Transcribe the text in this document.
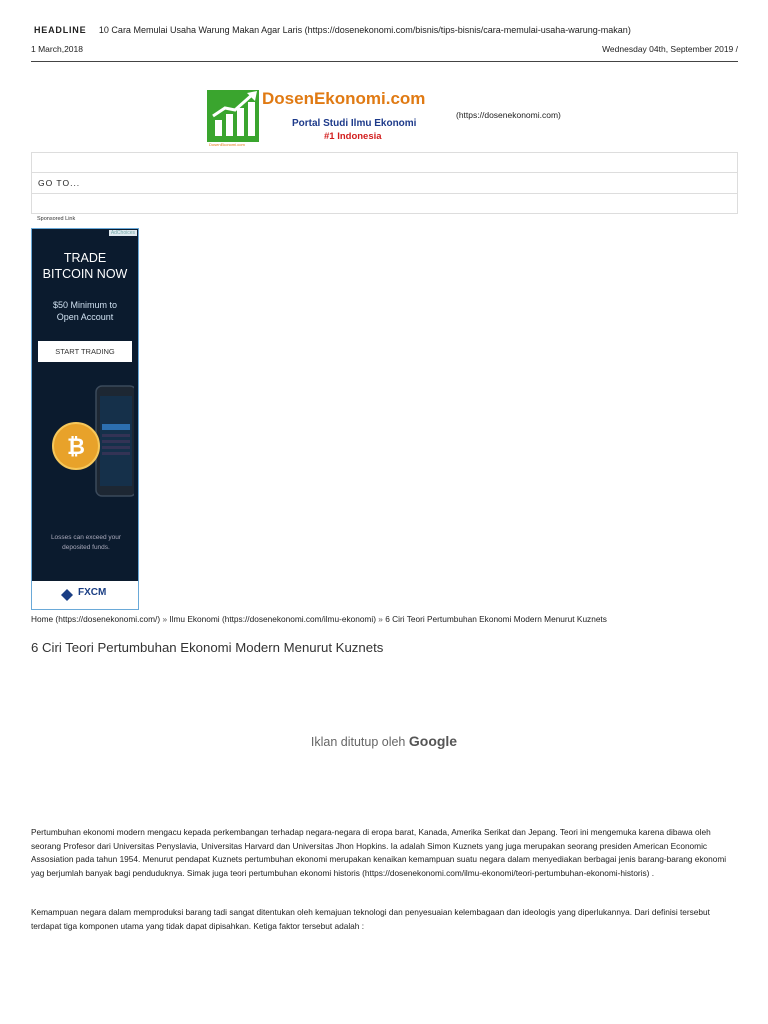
HEADLINE 10 Cara Memulai Usaha Warung Makan Agar Laris (https://dosenekonomi.com/bisnis/tips-bisnis/cara-memulai-usaha-warung-makan)
1 March,2018	Wednesday 04th, September 2019 /
DosenEkonomi.com
Portal Studi Ilmu Ekonomi
#1 Indonesia
DosenEkonomi.com
(https://dosenekonomi.com)
GO TO...
Sponsored Link
AdChoices
TRADE
BITCOIN NOW
$50 Minimum to
Open Account
START TRADING
₿
Losses can exceed your
deposited funds.
FXCM
Home (https://dosenekonomi.com/) » Ilmu Ekonomi (https://dosenekonomi.com/ilmu-ekonomi) » 6 Ciri Teori Pertumbuhan Ekonomi Modern Menurut Kuznets
6 Ciri Teori Pertumbuhan Ekonomi Modern Menurut Kuznets
Iklan ditutup oleh Google

Pertumbuhan ekonomi modern mengacu kepada perkembangan terhadap negara-negara di eropa barat, Kanada, Amerika Serikat dan Jepang. Teori ini mengemuka karena dibawa oleh seorang Profesor dari Universitas Penyslavia, Universitas Harvard dan Universitas Jhon Hopkins. Ia adalah Simon Kuznets yang juga merupakan seorang presiden American Economic Assosiation pada tahun 1954. Menurut pendapat Kuznets pertumbuhan ekonomi merupakan kenaikan kemampuan suatu negara dalam menyediakan berbagai jenis barang-barang ekonomi yag berjumlah banyak bagi penduduknya. Simak juga teori pertumbuhan ekonomi historis (https://dosenekonomi.com/ilmu-ekonomi/teori-pertumbuhan-ekonomi-historis) .

Kemampuan negara dalam memproduksi barang tadi sangat ditentukan oleh kemajuan teknologi dan penyesuaian kelembagaan dan ideologis yang diperlukannya. Dari definisi tersebut terdapat tiga komponen utama yang tidak dapat dipisahkan. Ketiga faktor tersebut adalah :
